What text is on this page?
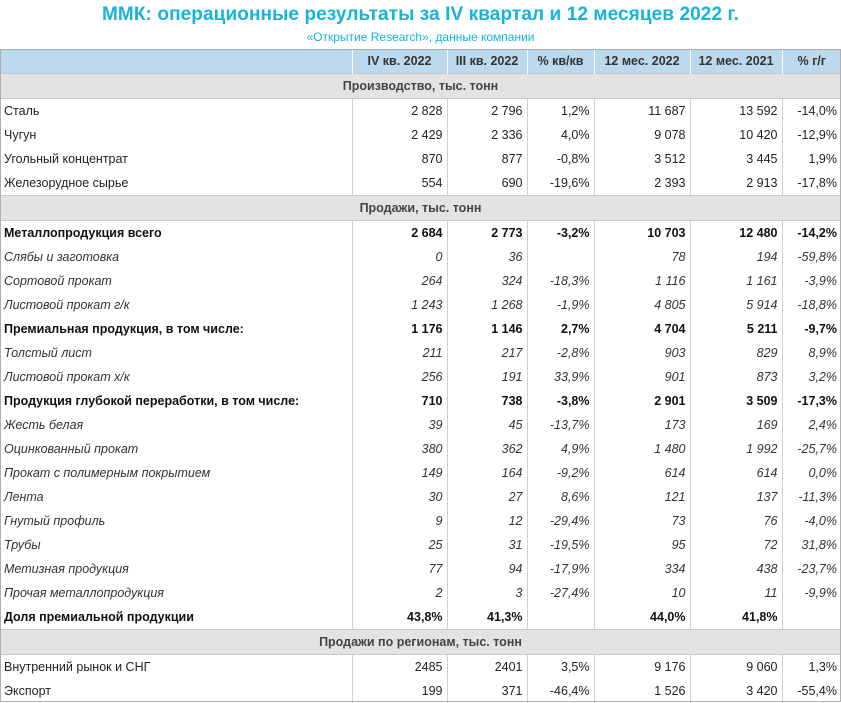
ММК: операционные результаты за IV квартал и 12 месяцев 2022 г.
«Открытие Research», данные компании
	IV кв. 2022	III кв. 2022	% кв/кв	12 мес. 2022	12 мес. 2021	% г/г
Производство, тыс. тонн						
Сталь	2 828	2 796	1,2%	11 687	13 592	-14,0%
Чугун	2 429	2 336	4,0%	9 078	10 420	-12,9%
Угольный концентрат	870	877	-0,8%	3 512	3 445	1,9%
Железорудное сырье	554	690	-19,6%	2 393	2 913	-17,8%
Продажи, тыс. тонн						
Металлопродукция всего	2 684	2 773	-3,2%	10 703	12 480	-14,2%
Слябы и заготовка	0	36		78	194	-59,8%
Сортовой прокат	264	324	-18,3%	1 116	1 161	-3,9%
Листовой прокат г/к	1 243	1 268	-1,9%	4 805	5 914	-18,8%
Премиальная продукция, в том числе:	1 176	1 146	2,7%	4 704	5 211	-9,7%
Толстый лист	211	217	-2,8%	903	829	8,9%
Листовой прокат х/к	256	191	33,9%	901	873	3,2%
Продукция глубокой переработки, в том числе:	710	738	-3,8%	2 901	3 509	-17,3%
Жесть белая	39	45	-13,7%	173	169	2,4%
Оцинкованный прокат	380	362	4,9%	1 480	1 992	-25,7%
Прокат с полимерным покрытием	149	164	-9,2%	614	614	0,0%
Лента	30	27	8,6%	121	137	-11,3%
Гнутый профиль	9	12	-29,4%	73	76	-4,0%
Трубы	25	31	-19,5%	95	72	31,8%
Метизная продукция	77	94	-17,9%	334	438	-23,7%
Прочая металлопродукция	2	3	-27,4%	10	11	-9,9%
Доля премиальной продукции	43,8%	41,3%		44,0%	41,8%	
Продажи по регионам, тыс. тонн						
Внутренний рынок и СНГ	2485	2401	3,5%	9 176	9 060	1,3%
Экспорт	199	371	-46,4%	1 526	3 420	-55,4%
